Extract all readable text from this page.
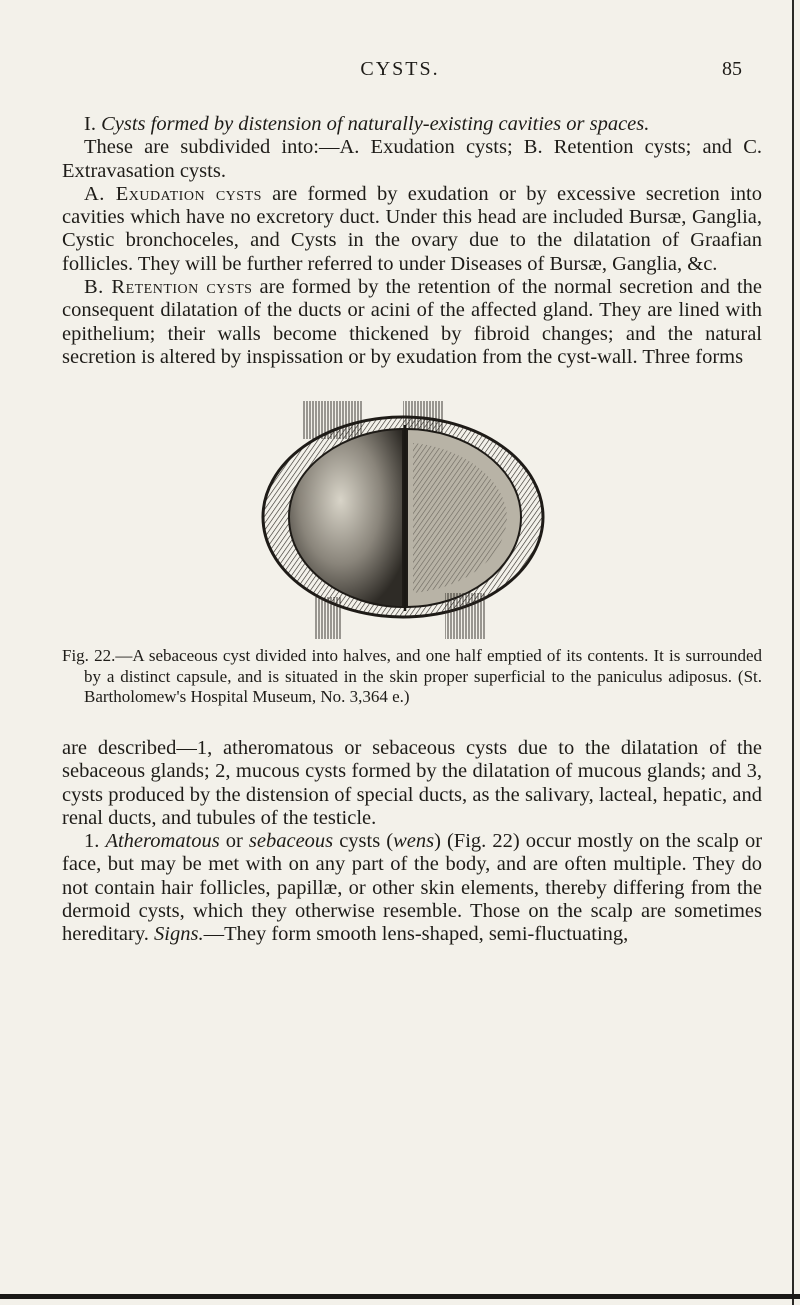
CYSTS.	85

I. Cysts formed by distension of naturally-existing cavities or spaces.

These are subdivided into:—A. Exudation cysts; B. Retention cysts; and C. Extravasation cysts.

A. Exudation cysts are formed by exudation or by excessive secretion into cavities which have no excretory duct. Under this head are included Bursæ, Ganglia, Cystic bronchoceles, and Cysts in the ovary due to the dilatation of Graafian follicles. They will be further referred to under Diseases of Bursæ, Ganglia, &c.

B. Retention cysts are formed by the retention of the normal secretion and the consequent dilatation of the ducts or acini of the affected gland. They are lined with epithelium; their walls become thickened by fibroid changes; and the natural secretion is altered by inspissation or by exudation from the cyst-wall. Three forms

Fig. 22.—A sebaceous cyst divided into halves, and one half emptied of its contents. It is surrounded by a distinct capsule, and is situated in the skin proper superficial to the paniculus adiposus. (St. Bartholomew's Hospital Museum, No. 3,364 e.)

are described—1, atheromatous or sebaceous cysts due to the dilatation of the sebaceous glands; 2, mucous cysts formed by the dilatation of mucous glands; and 3, cysts produced by the distension of special ducts, as the salivary, lacteal, hepatic, and renal ducts, and tubules of the testicle.

1. Atheromatous or sebaceous cysts (wens) (Fig. 22) occur mostly on the scalp or face, but may be met with on any part of the body, and are often multiple. They do not contain hair follicles, papillæ, or other skin elements, thereby differing from the dermoid cysts, which they otherwise resemble. Those on the scalp are sometimes hereditary. Signs.—They form smooth lens-shaped, semi-fluctuating,
